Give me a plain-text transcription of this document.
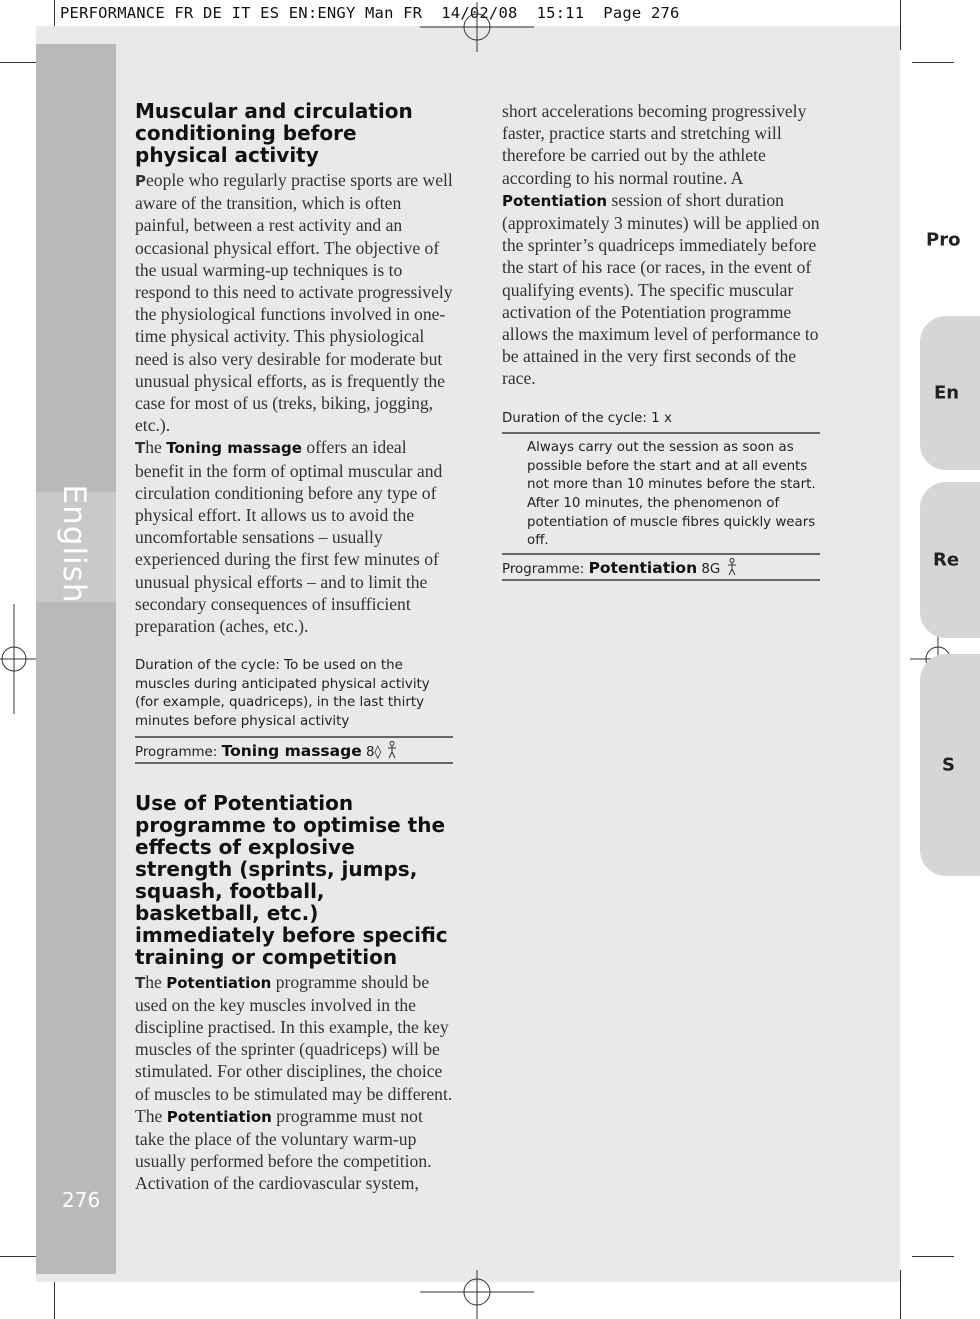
PERFORMANCE FR DE IT ES EN:ENGY Man FR  14/02/08  15:11  Page 276
English
276
Pro
En
Re
S
Muscular and circulation conditioning before physical activity

People who regularly practise sports are well aware of the transition, which is often painful, between a rest activity and an occasional physical effort. The objective of the usual warming-up techniques is to respond to this need to activate progressively the physiological functions involved in one-time physical activity. This physiological need is also very desirable for moderate but unusual physical efforts, as is frequently the case for most of us (treks, biking, jogging, etc.).

The Toning massage offers an ideal benefit in the form of optimal muscular and circulation conditioning before any type of physical effort. It allows us to avoid the uncomfortable sensations – usually experienced during the first few minutes of unusual physical efforts – and to limit the secondary consequences of insufficient preparation (aches, etc.).

Duration of the cycle: To be used on the muscles during anticipated physical activity (for example, quadriceps), in the last thirty minutes before physical activity
Programme: Toning massage 8◊
Use of Potentiation programme to optimise the effects of explosive strength (sprints, jumps, squash, football, basketball, etc.) immediately before specific training or competition

The Potentiation programme should be used on the key muscles involved in the discipline practised. In this example, the key muscles of the sprinter (quadriceps) will be stimulated. For other disciplines, the choice of muscles to be stimulated may be different. The Potentiation programme must not take the place of the voluntary warm-up usually performed before the competition. Activation of the cardiovascular system,

short accelerations becoming progressively faster, practice starts and stretching will therefore be carried out by the athlete according to his normal routine. A Potentiation session of short duration (approximately 3 minutes) will be applied on the sprinter’s quadriceps immediately before the start of his race (or races, in the event of qualifying events). The specific muscular activation of the Potentiation programme allows the maximum level of performance to be attained in the very first seconds of the race.

Duration of the cycle: 1 x
Always carry out the session as soon as possible before the start and at all events not more than 10 minutes before the start. After 10 minutes, the phenomenon of potentiation of muscle fibres quickly wears off.
Programme: Potentiation 8G
